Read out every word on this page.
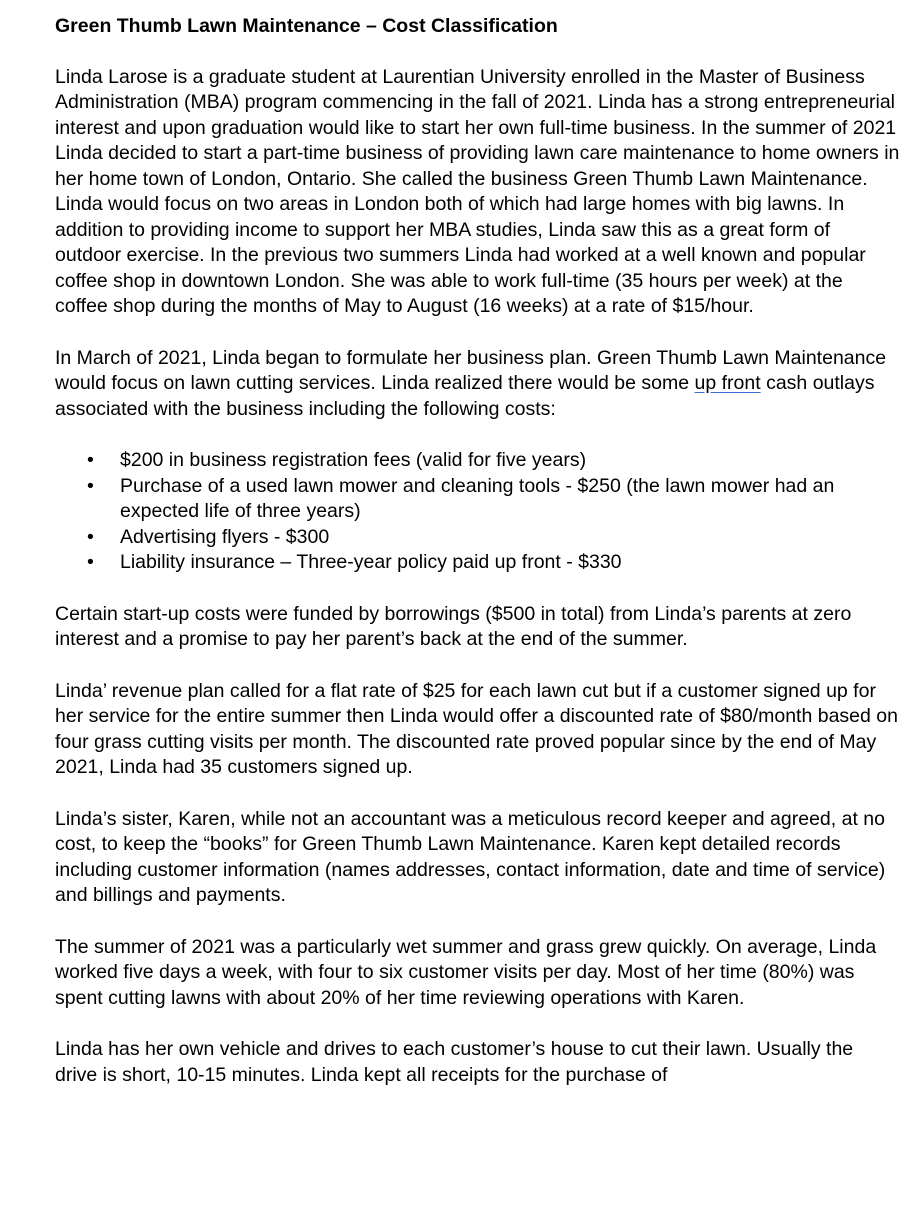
Green Thumb Lawn Maintenance – Cost Classification

Linda Larose is a graduate student at Laurentian University enrolled in the Master of Business Administration (MBA) program commencing in the fall of 2021. Linda has a strong entrepreneurial interest and upon graduation would like to start her own full-time business. In the summer of 2021 Linda decided to start a part-time business of providing lawn care maintenance to home owners in her home town of London, Ontario. She called the business Green Thumb Lawn Maintenance. Linda would focus on two areas in London both of which had large homes with big lawns. In addition to providing income to support her MBA studies, Linda saw this as a great form of outdoor exercise. In the previous two summers Linda had worked at a well known and popular coffee shop in downtown London. She was able to work full-time (35 hours per week) at the coffee shop during the months of May to August (16 weeks) at a rate of $15/hour.

In March of 2021, Linda began to formulate her business plan. Green Thumb Lawn Maintenance would focus on lawn cutting services. Linda realized there would be some up front cash outlays associated with the business including the following costs:

• $200 in business registration fees (valid for five years)
• Purchase of a used lawn mower and cleaning tools - $250 (the lawn mower had an expected life of three years)
• Advertising flyers - $300
• Liability insurance – Three-year policy paid up front - $330

Certain start-up costs were funded by borrowings ($500 in total) from Linda’s parents at zero interest and a promise to pay her parent’s back at the end of the summer.

Linda’ revenue plan called for a flat rate of $25 for each lawn cut but if a customer signed up for her service for the entire summer then Linda would offer a discounted rate of $80/month based on four grass cutting visits per month. The discounted rate proved popular since by the end of May 2021, Linda had 35 customers signed up.

Linda’s sister, Karen, while not an accountant was a meticulous record keeper and agreed, at no cost, to keep the “books” for Green Thumb Lawn Maintenance. Karen kept detailed records including customer information (names addresses, contact information, date and time of service) and billings and payments.

The summer of 2021 was a particularly wet summer and grass grew quickly. On average, Linda worked five days a week, with four to six customer visits per day. Most of her time (80%) was spent cutting lawns with about 20% of her time reviewing operations with Karen.

Linda has her own vehicle and drives to each customer’s house to cut their lawn. Usually the drive is short, 10-15 minutes. Linda kept all receipts for the purchase of
